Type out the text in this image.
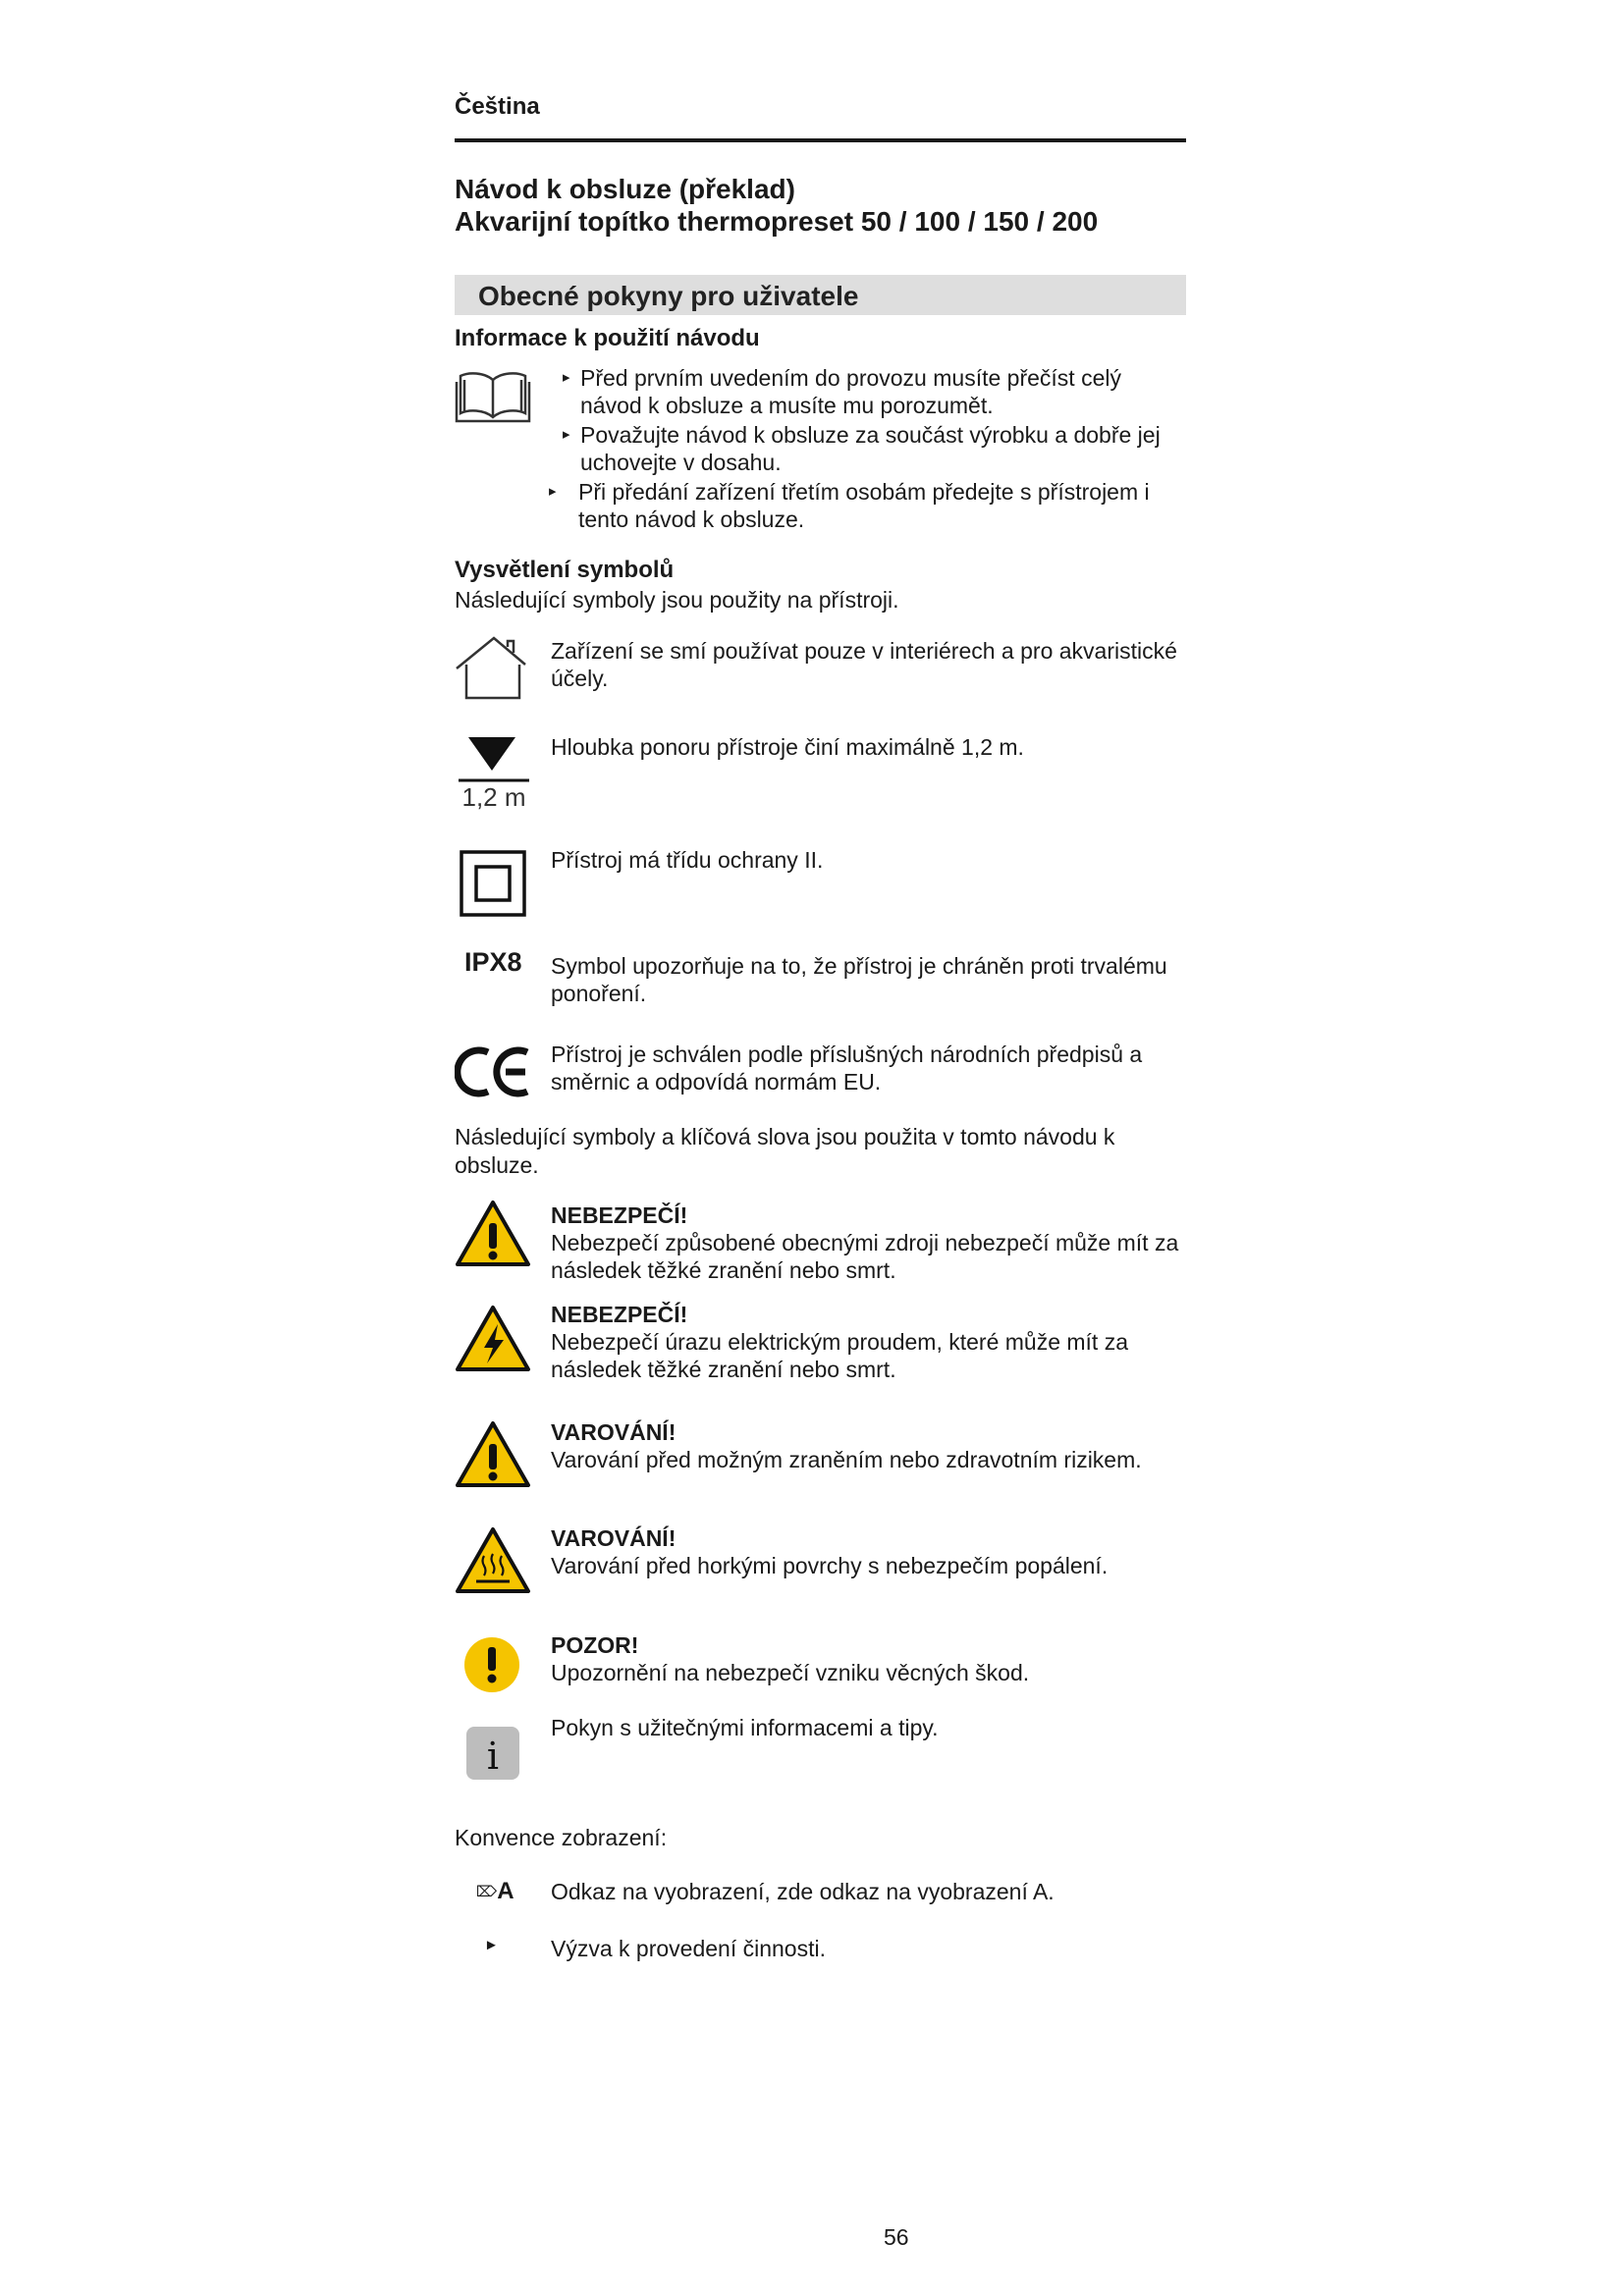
Čeština
Návod k obsluze (překlad)
Akvarijní topítko thermopreset 50 / 100 / 150 / 200
Obecné pokyny pro uživatele
Informace k použití návodu
▸ Před prvním uvedením do provozu musíte přečíst celý návod k obsluze a musíte mu porozumět.
▸ Považujte návod k obsluze za součást výrobku a dobře jej uchovejte v dosahu.
▸ Při předání zařízení třetím osobám předejte s přístrojem i tento návod k obsluze.
Vysvětlení symbolů
Následující symboly jsou použity na přístroji.
Zařízení se smí používat pouze v interiérech a pro akvaristické účely.
1,2 m
Hloubka ponoru přístroje činí maximálně 1,2 m.
Přístroj má třídu ochrany II.
IPX8 Symbol upozorňuje na to, že přístroj je chráněn proti trvalému ponoření.
Přístroj je schválen podle příslušných národních předpisů a směrnic a odpovídá normám EU.
Následující symboly a klíčová slova jsou použita v tomto návodu k obsluze.
NEBEZPEČÍ!
Nebezpečí způsobené obecnými zdroji nebezpečí může mít za následek těžké zranění nebo smrt.
NEBEZPEČÍ!
Nebezpečí úrazu elektrickým proudem, které může mít za následek těžké zranění nebo smrt.
VAROVÁNÍ!
Varování před možným zraněním nebo zdravotním rizikem.
VAROVÁNÍ!
Varování před horkými povrchy s nebezpečím popálení.
POZOR!
Upozornění na nebezpečí vzniku věcných škod.
i
Pokyn s užitečnými informacemi a tipy.
Konvence zobrazení:
⌦A Odkaz na vyobrazení, zde odkaz na vyobrazení A.
► Výzva k provedení činnosti.
56
